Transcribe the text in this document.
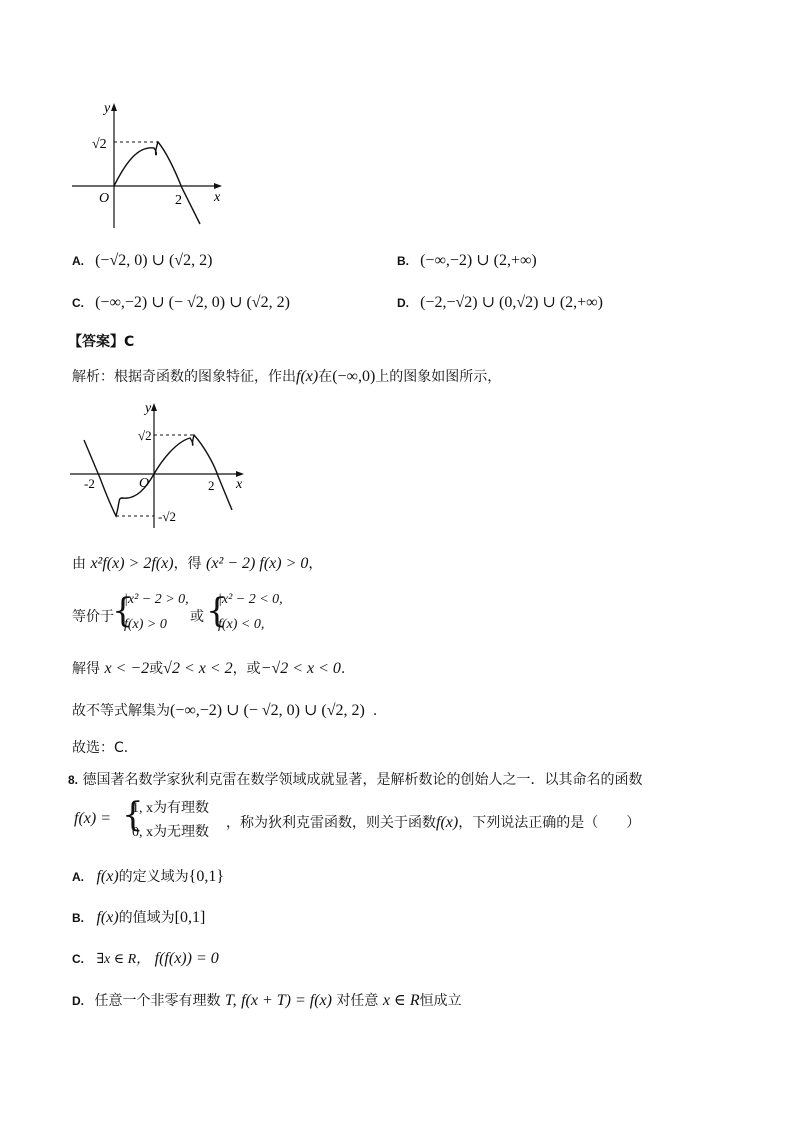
y
x
O	2
√2
A. (−√2, 0) ∪ (√2, 2)	B. (−∞,−2) ∪ (2,+∞)
C. (−∞,−2) ∪ (− √2, 0) ∪ (√2, 2)	D. (−2,−√2) ∪ (0,√2) ∪ (2,+∞)
【答案】C
解析：根据奇函数的图象特征，作出f(x)在(−∞,0)上的图象如图所示，
y
x
O	2
-2
√2
-√2
由 x²f(x) > 2f(x)，得 (x² − 2) f(x) > 0，
等价于
{
|x² − 2 > 0,
f(x) > 0 或 {
|x² − 2 < 0,
f(x) < 0,
解得 x < −2或√2 < x < 2，或−√2 < x < 0.
故不等式解集为(−∞,−2) ∪ (− √2, 0) ∪ (√2, 2) .
故选：C.
8. 德国著名数学家狄利克雷在数学领域成就显著，是解析数论的创始人之一．以其命名的函数
f(x) = {
1, x为有理数
0, x为无理数
，称为狄利克雷函数，则关于函数f(x)，下列说法正确的是（　　）
A. f(x)的定义域为{0,1}
B. f(x)的值域为[0,1]
C. ∃x ∈ R， f(f(x)) = 0
D. 任意一个非零有理数 T, f(x + T) = f(x) 对任意 x ∈ R恒成立
